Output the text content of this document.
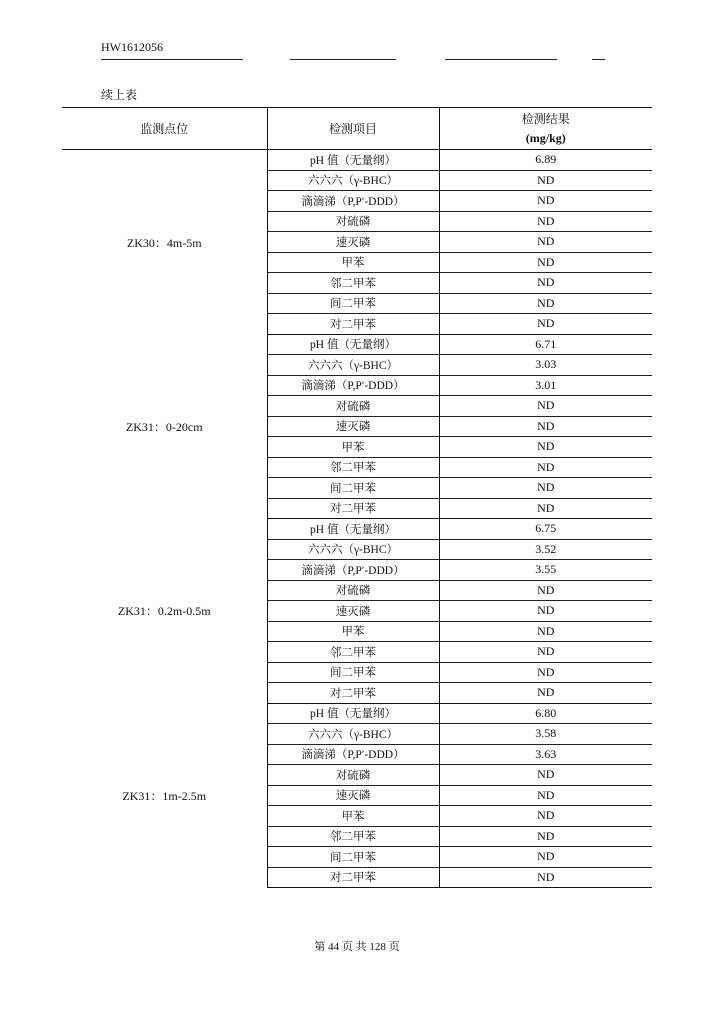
HW1612056
续上表
监测点位	检测项目	检测结果
(mg/kg)

ZK30：4m-5m	pH 值（无量纲）	6.89
	六六六（γ-BHC）	ND
	滴滴涕（P,P′-DDD）	ND
	对硫磷	ND
	速灭磷	ND
	甲苯	ND
	邻二甲苯	ND
	间二甲苯	ND
	对二甲苯	ND
ZK31：0-20cm	pH 值（无量纲）	6.71
	六六六（γ-BHC）	3.03
	滴滴涕（P,P′-DDD）	3.01
	对硫磷	ND
	速灭磷	ND
	甲苯	ND
	邻二甲苯	ND
	间二甲苯	ND
	对二甲苯	ND
ZK31：0.2m-0.5m	pH 值（无量纲）	6.75
	六六六（γ-BHC）	3.52
	滴滴涕（P,P′-DDD）	3.55
	对硫磷	ND
	速灭磷	ND
	甲苯	ND
	邻二甲苯	ND
	间二甲苯	ND
	对二甲苯	ND
ZK31：1m-2.5m	pH 值（无量纲）	6.80
	六六六（γ-BHC）	3.58
	滴滴涕（P,P′-DDD）	3.63
	对硫磷	ND
	速灭磷	ND
	甲苯	ND
	邻二甲苯	ND
	间二甲苯	ND
	对二甲苯	ND
第 44 页 共 128 页
